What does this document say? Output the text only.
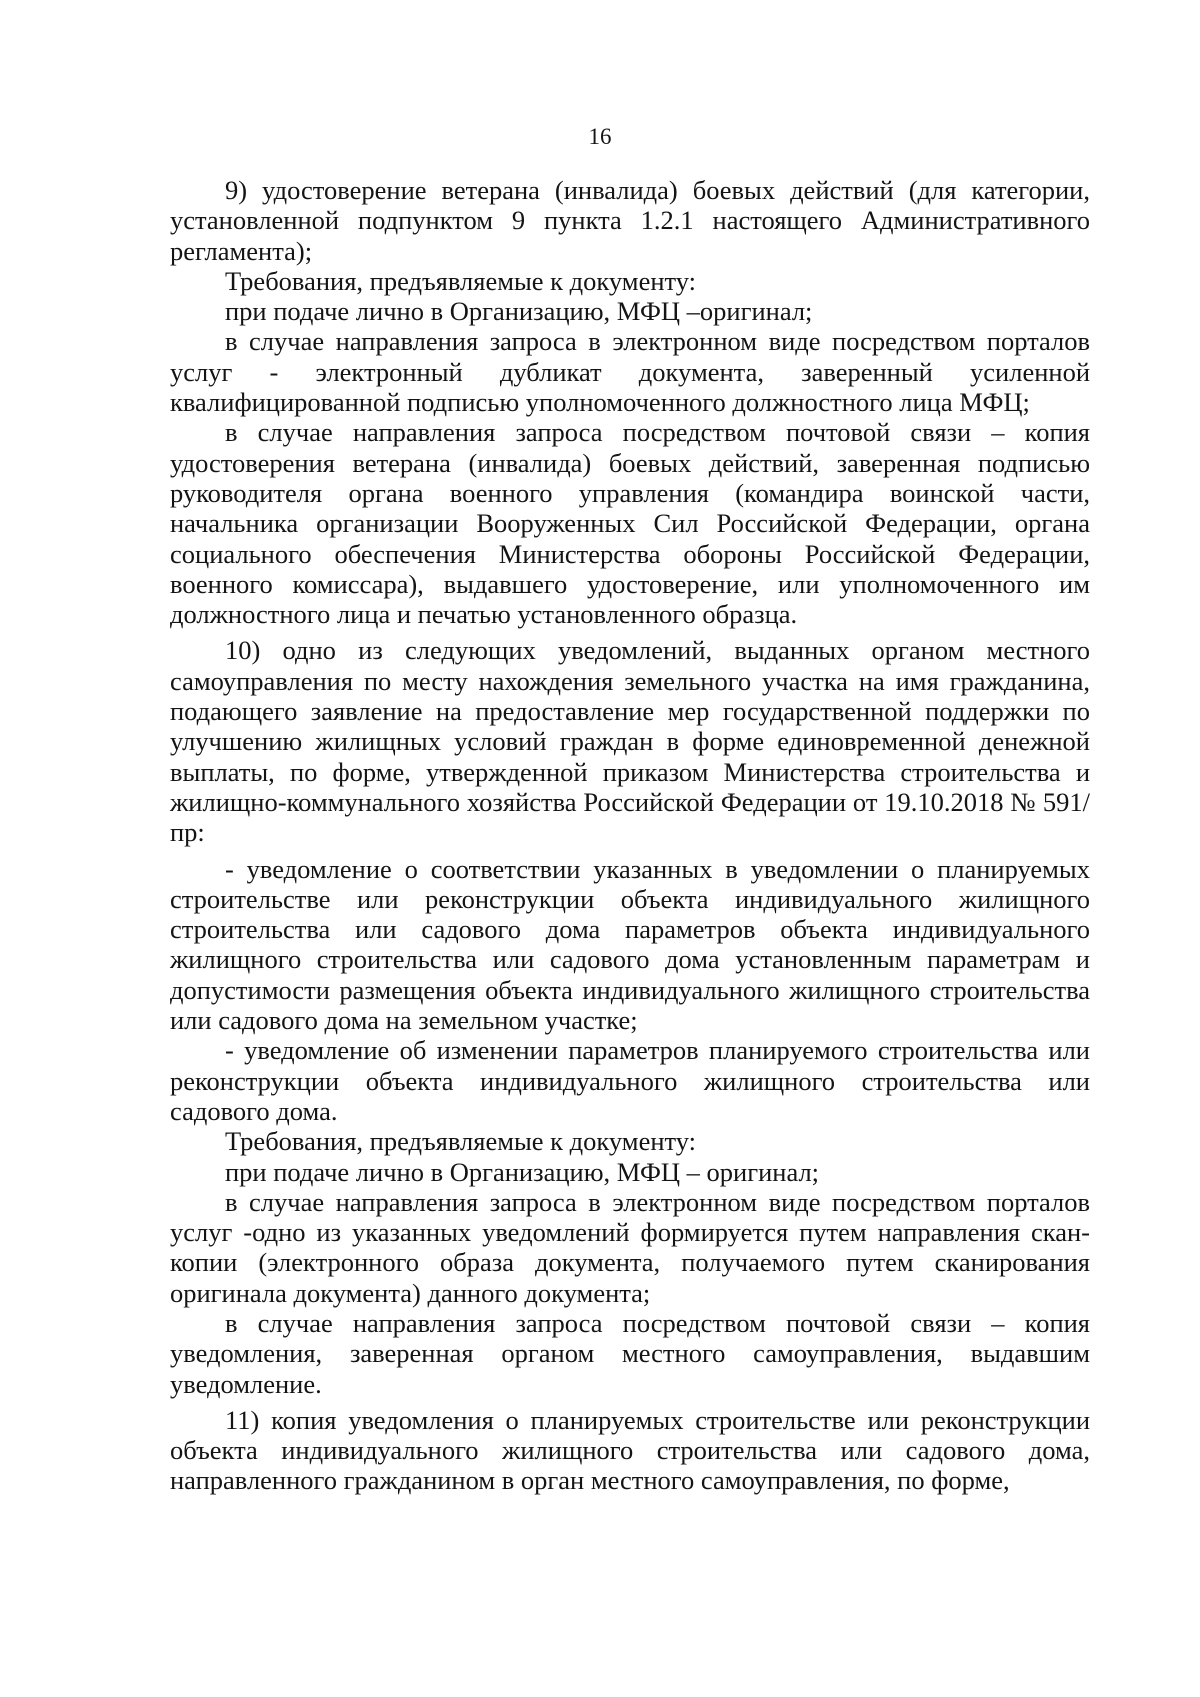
16

9) удостоверение ветерана (инвалида) боевых действий (для категории, установленной подпунктом 9 пункта 1.2.1 настоящего Административного регламента);

Требования, предъявляемые к документу:

при подаче лично в Организацию, МФЦ –оригинал;

в случае направления запроса в электронном виде посредством порталов услуг - электронный дубликат документа, заверенный усиленной квалифицированной подписью уполномоченного должностного лица МФЦ;

в случае направления запроса посредством почтовой связи – копия удостоверения ветерана (инвалида) боевых действий, заверенная подписью руководителя органа военного управления (командира воинской части, начальника организации Вооруженных Сил Российской Федерации, органа социального обеспечения Министерства обороны Российской Федерации, военного комиссара), выдавшего удостоверение, или уполномоченного им должностного лица и печатью установленного образца.

10) одно из следующих уведомлений, выданных органом местного самоуправления по месту нахождения земельного участка на имя гражданина, подающего заявление на предоставление мер государственной поддержки по улучшению жилищных условий граждан в форме единовременной денежной выплаты, по форме, утвержденной приказом Министерства строительства и жилищно-коммунального хозяйства Российской Федерации от 19.10.2018 № 591/пр:

- уведомление о соответствии указанных в уведомлении о планируемых строительстве или реконструкции объекта индивидуального жилищного строительства или садового дома параметров объекта индивидуального жилищного строительства или садового дома установленным параметрам и допустимости размещения объекта индивидуального жилищного строительства или садового дома на земельном участке;

- уведомление об изменении параметров планируемого строительства или реконструкции объекта индивидуального жилищного строительства или садового дома.

Требования, предъявляемые к документу:

при подаче лично в Организацию, МФЦ – оригинал;

в случае направления запроса в электронном виде посредством порталов услуг -одно из указанных уведомлений формируется путем направления скан-копии (электронного образа документа, получаемого путем сканирования оригинала документа) данного документа;

в случае направления запроса посредством почтовой связи – копия уведомления, заверенная органом местного самоуправления, выдавшим уведомление.

11) копия уведомления о планируемых строительстве или реконструкции объекта индивидуального жилищного строительства или садового дома, направленного гражданином в орган местного самоуправления, по форме,
